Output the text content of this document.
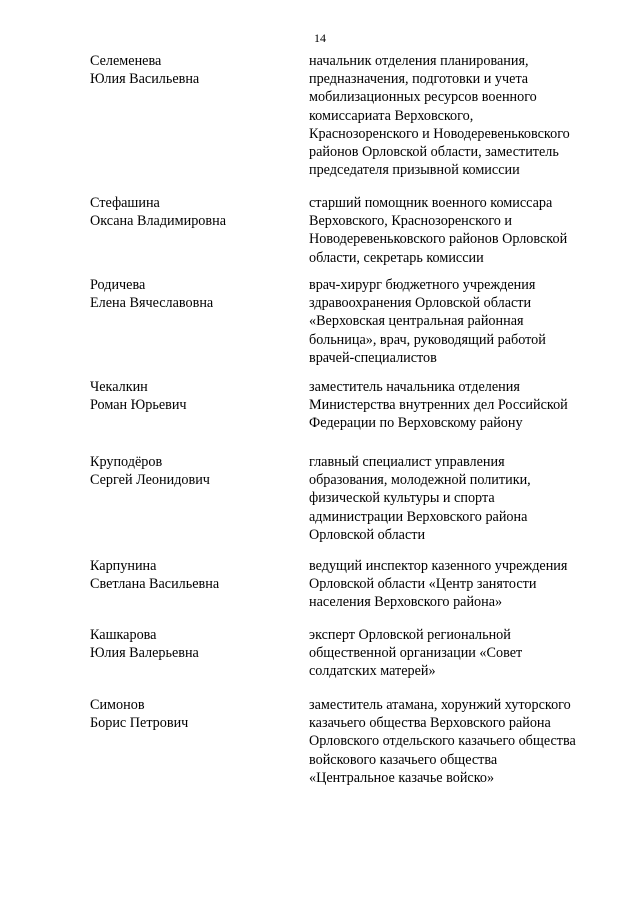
14
Селеменева
Юлия Васильевна
начальник отделения планирования,
предназначения, подготовки и учета
мобилизационных ресурсов военного
комиссариата Верховского,
Краснозоренского и Новодеревеньковского
районов Орловской области, заместитель
председателя призывной комиссии
Стефашина
Оксана Владимировна
старший помощник военного комиссара
Верховского, Краснозоренского и
Новодеревеньковского районов Орловской
области, секретарь комиссии
Родичева
Елена Вячеславовна
врач-хирург бюджетного учреждения
здравоохранения Орловской области
«Верховская центральная районная
больница», врач, руководящий работой
врачей-специалистов
Чекалкин
Роман Юрьевич
заместитель начальника отделения
Министерства внутренних дел Российской
Федерации по Верховскому району
Круподёров
Сергей Леонидович
главный специалист управления
образования, молодежной политики,
физической культуры и спорта
администрации Верховского района
Орловской области
Карпунина
Светлана Васильевна
ведущий инспектор казенного учреждения
Орловской области «Центр занятости
населения Верховского района»
Кашкарова
Юлия Валерьевна
эксперт Орловской региональной
общественной организации «Совет
солдатских матерей»
Симонов
Борис Петрович
заместитель атамана, хорунжий хуторского
казачьего общества Верховского района
Орловского отдельского казачьего общества
войскового казачьего общества
«Центральное казачье войско»
